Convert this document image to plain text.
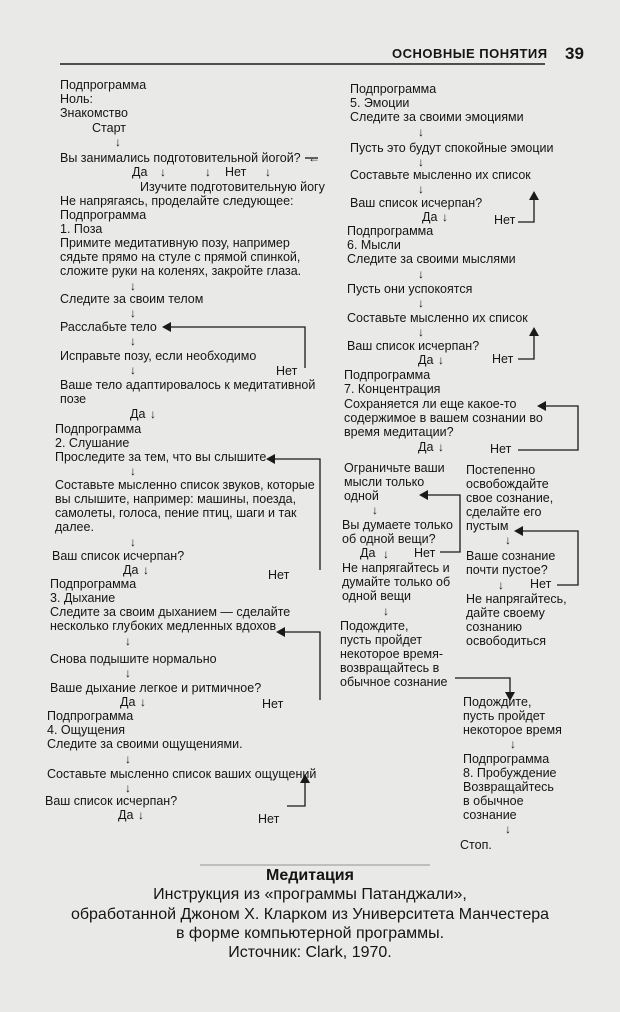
ОСНОВНЫЕ ПОНЯТИЯ 39
Подпрограмма
Ноль:
Знакомство
Старт
↓
Вы занимались подготовительной йогой? ←
Да ↓	↓ Нет ↓
Изучите подготовительную йогу
Не напрягаясь, проделайте следующее:
Подпрограмма
1. Поза
Примите медитативную позу, например
сядьте прямо на стуле с прямой спинкой,
сложите руки на коленях, закройте глаза.
↓
Следите за своим телом
↓
Расслабьте тело
↓
Исправьте позу, если необходимо
↓	Нет
Ваше тело адаптировалось к медитативной
позе
Да ↓
Подпрограмма
2. Слушание
Проследите за тем, что вы слышите
↓
Составьте мысленно список звуков, которые
вы слышите, например: машины, поезда,
самолеты, голоса, пение птиц, шаги и так
далее.
↓
Ваш список исчерпан?
Да ↓	Нет
Подпрограмма
3. Дыхание
Следите за своим дыханием — сделайте
несколько глубоких медленных вдохов
↓
Снова подышите нормально
↓
Ваше дыхание легкое и ритмичное?
Да ↓	Нет
Подпрограмма
4. Ощущения
Следите за своими ощущениями.
↓
Составьте мысленно список ваших ощущений
↓
Ваш список исчерпан?
Да ↓	Нет
Подпрограмма
5. Эмоции
Следите за своими эмоциями
↓
Пусть это будут спокойные эмоции
↓
Составьте мысленно их список
↓
Ваш список исчерпан?
Да ↓	Нет
Подпрограмма
6. Мысли
Следите за своими мыслями
↓
Пусть они успокоятся
↓
Составьте мысленно их список
↓
Ваш список исчерпан?
Да ↓	Нет
Подпрограмма
7. Концентрация
Сохраняется ли еще какое-то
содержимое в вашем сознании во
время медитации?
Да ↓	Нет
Ограничьте ваши
мысли только
одной
↓
Вы думаете только
об одной вещи?
Да ↓ Нет
Не напрягайтесь и
думайте только об
одной вещи
↓
Подождите,
пусть пройдет
некоторое время-
возвращайтесь в
обычное сознание
Постепенно
освобождайте
свое сознание,
сделайте его
пустым
↓
Ваше сознание
почти пустое?
Нет
↓
Не напрягайтесь,
дайте своему
сознанию
освободиться
Подождите,
пусть пройдет
некоторое время
↓
Подпрограмма
8. Пробуждение
Возвращайтесь
в обычное
сознание
↓
Стоп.
Медитация
Инструкция из «программы Патанджали»,
обработанной Джоном X. Кларком из Университета Манчестера
в форме компьютерной программы.
Источник: Clark, 1970.
